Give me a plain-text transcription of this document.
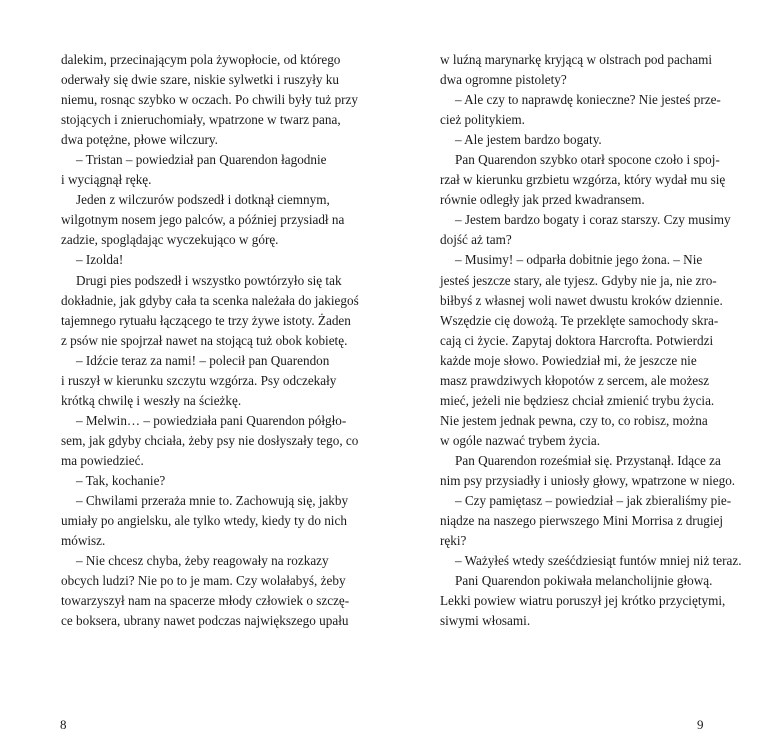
dalekim, przecinającym pola żywopłocie, od którego

oderwały się dwie szare, niskie sylwetki i ruszyły ku

niemu, rosnąc szybko w oczach. Po chwili były tuż przy

stojących i znieruchomiały, wpatrzone w twarz pana,

dwa potężne, płowe wilczury.

– Tristan – powiedział pan Quarendon łagodnie

i wyciągnął rękę.

Jeden z wilczurów podszedł i dotknął ciemnym,

wilgotnym nosem jego palców, a później przysiadł na

zadzie, spoglądając wyczekująco w górę.

– Izolda!

Drugi pies podszedł i wszystko powtórzyło się tak

dokładnie, jak gdyby cała ta scenka należała do jakiegoś

tajemnego rytuału łączącego te trzy żywe istoty. Żaden

z psów nie spojrzał nawet na stojącą tuż obok kobietę.

– Idźcie teraz za nami! – polecił pan Quarendon

i ruszył w kierunku szczytu wzgórza. Psy odczekały

krótką chwilę i weszły na ścieżkę.

– Melwin… – powiedziała pani Quarendon półgło-

sem, jak gdyby chciała, żeby psy nie dosłyszały tego, co

ma powiedzieć.

– Tak, kochanie?

– Chwilami przeraża mnie to. Zachowują się, jakby

umiały po angielsku, ale tylko wtedy, kiedy ty do nich

mówisz.

– Nie chcesz chyba, żeby reagowały na rozkazy

obcych ludzi? Nie po to je mam. Czy wolałabyś, żeby

towarzyszył nam na spacerze młody człowiek o szczę-

ce boksera, ubrany nawet podczas największego upału

w luźną marynarkę kryjącą w olstrach pod pachami

dwa ogromne pistolety?

– Ale czy to naprawdę konieczne? Nie jesteś prze-

cież politykiem.

– Ale jestem bardzo bogaty.

Pan Quarendon szybko otarł spocone czoło i spoj-

rzał w kierunku grzbietu wzgórza, który wydał mu się

równie odległy jak przed kwadransem.

– Jestem bardzo bogaty i coraz starszy. Czy musimy

dojść aż tam?

– Musimy! – odparła dobitnie jego żona. – Nie

jesteś jeszcze stary, ale tyjesz. Gdyby nie ja, nie zro-

biłbyś z własnej woli nawet dwustu kroków dziennie.

Wszędzie cię dowożą. Te przeklęte samochody skra-

cają ci życie. Zapytaj doktora Harcrofta. Potwierdzi

każde moje słowo. Powiedział mi, że jeszcze nie

masz prawdziwych kłopotów z sercem, ale możesz

mieć, jeżeli nie będziesz chciał zmienić trybu życia.

Nie jestem jednak pewna, czy to, co robisz, można

w ogóle nazwać trybem życia.

Pan Quarendon roześmiał się. Przystanął. Idące za

nim psy przysiadły i uniosły głowy, wpatrzone w niego.

– Czy pamiętasz – powiedział – jak zbieraliśmy pie-

niądze na naszego pierwszego Mini Morrisa z drugiej

ręki?

– Ważyłeś wtedy sześćdziesiąt funtów mniej niż teraz.

Pani Quarendon pokiwała melancholijnie głową.

Lekki powiew wiatru poruszył jej krótko przyciętymi,

siwymi włosami.

8	9
